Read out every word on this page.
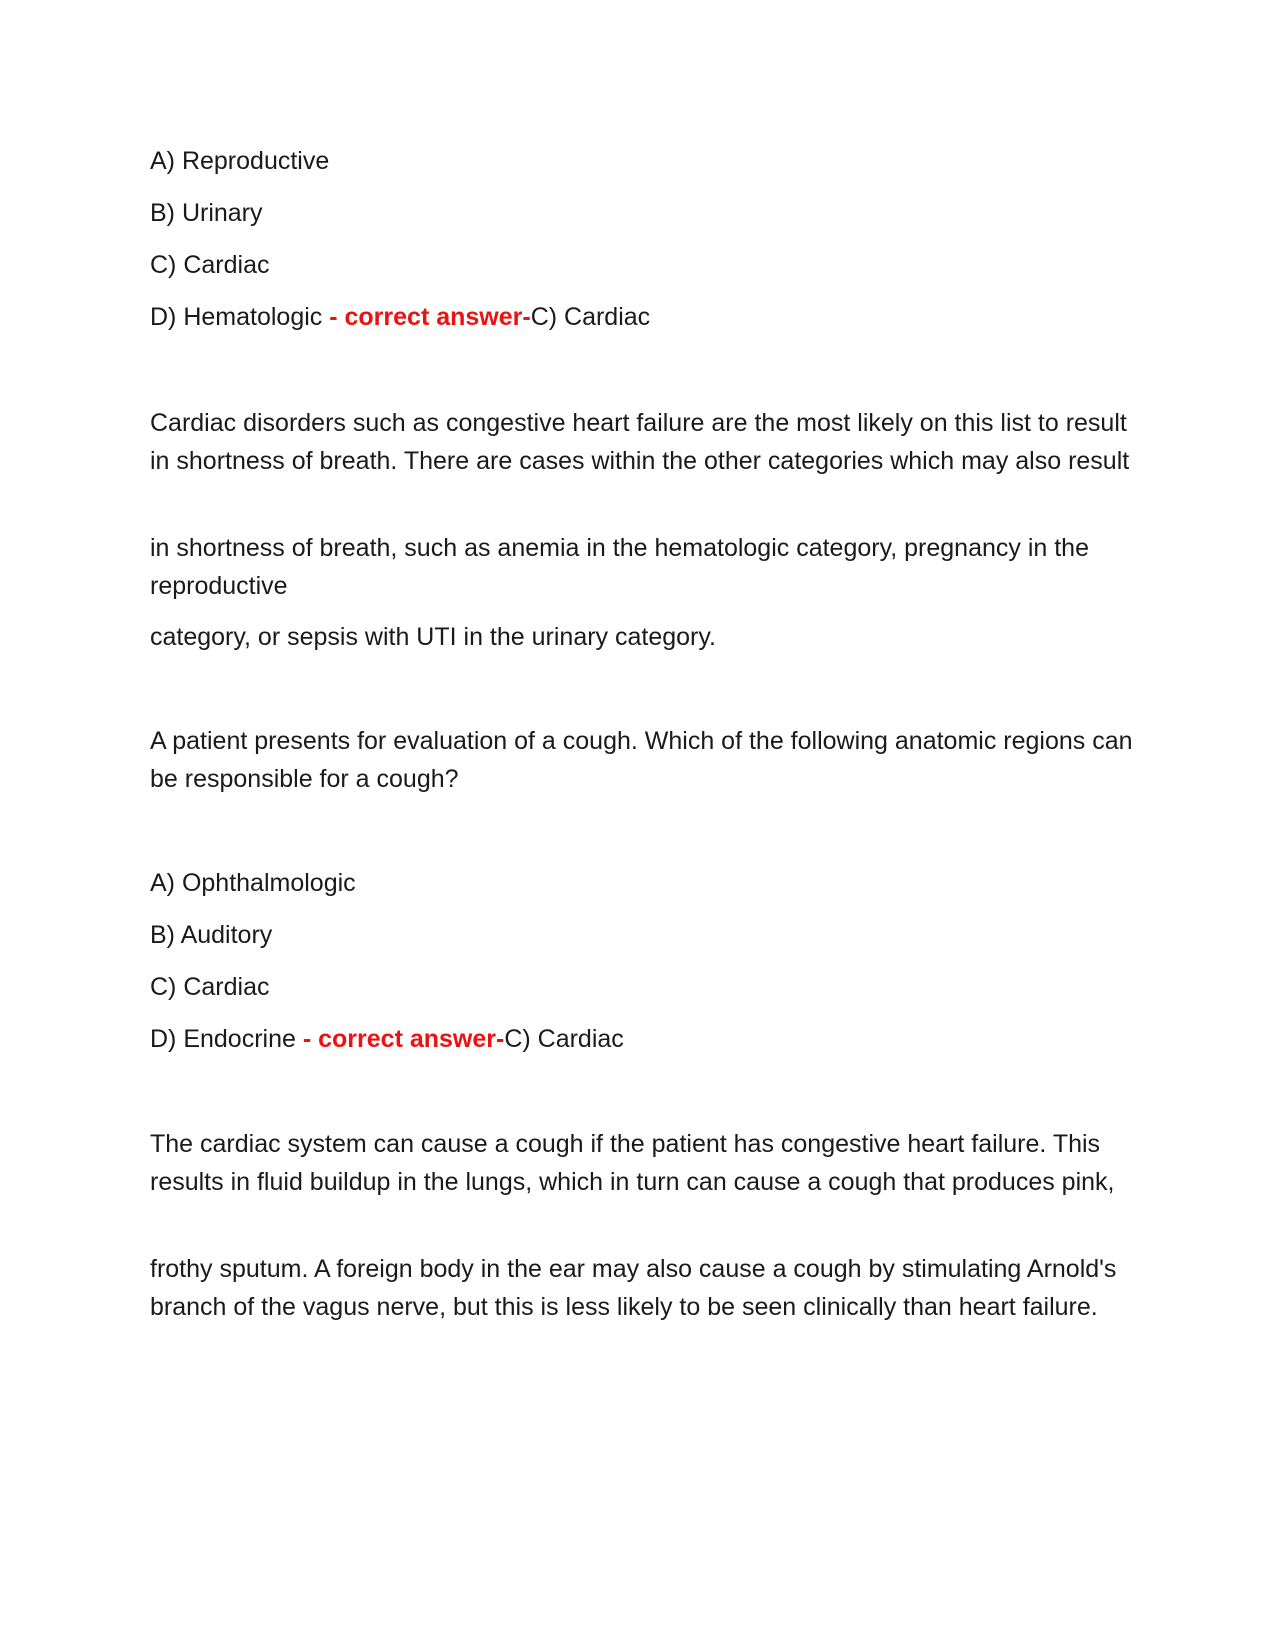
A) Reproductive

B) Urinary

C) Cardiac

D) Hematologic - correct answer-C) Cardiac

Cardiac disorders such as congestive heart failure are the most likely on this list to result in shortness of breath. There are cases within the other categories which may also result

in shortness of breath, such as anemia in the hematologic category, pregnancy in the reproductive

category, or sepsis with UTI in the urinary category.

A patient presents for evaluation of a cough. Which of the following anatomic regions can be responsible for a cough?

A) Ophthalmologic

B) Auditory

C) Cardiac

D) Endocrine - correct answer-C) Cardiac

The cardiac system can cause a cough if the patient has congestive heart failure. This results in fluid buildup in the lungs, which in turn can cause a cough that produces pink,

frothy sputum. A foreign body in the ear may also cause a cough by stimulating Arnold's branch of the vagus nerve, but this is less likely to be seen clinically than heart failure.
